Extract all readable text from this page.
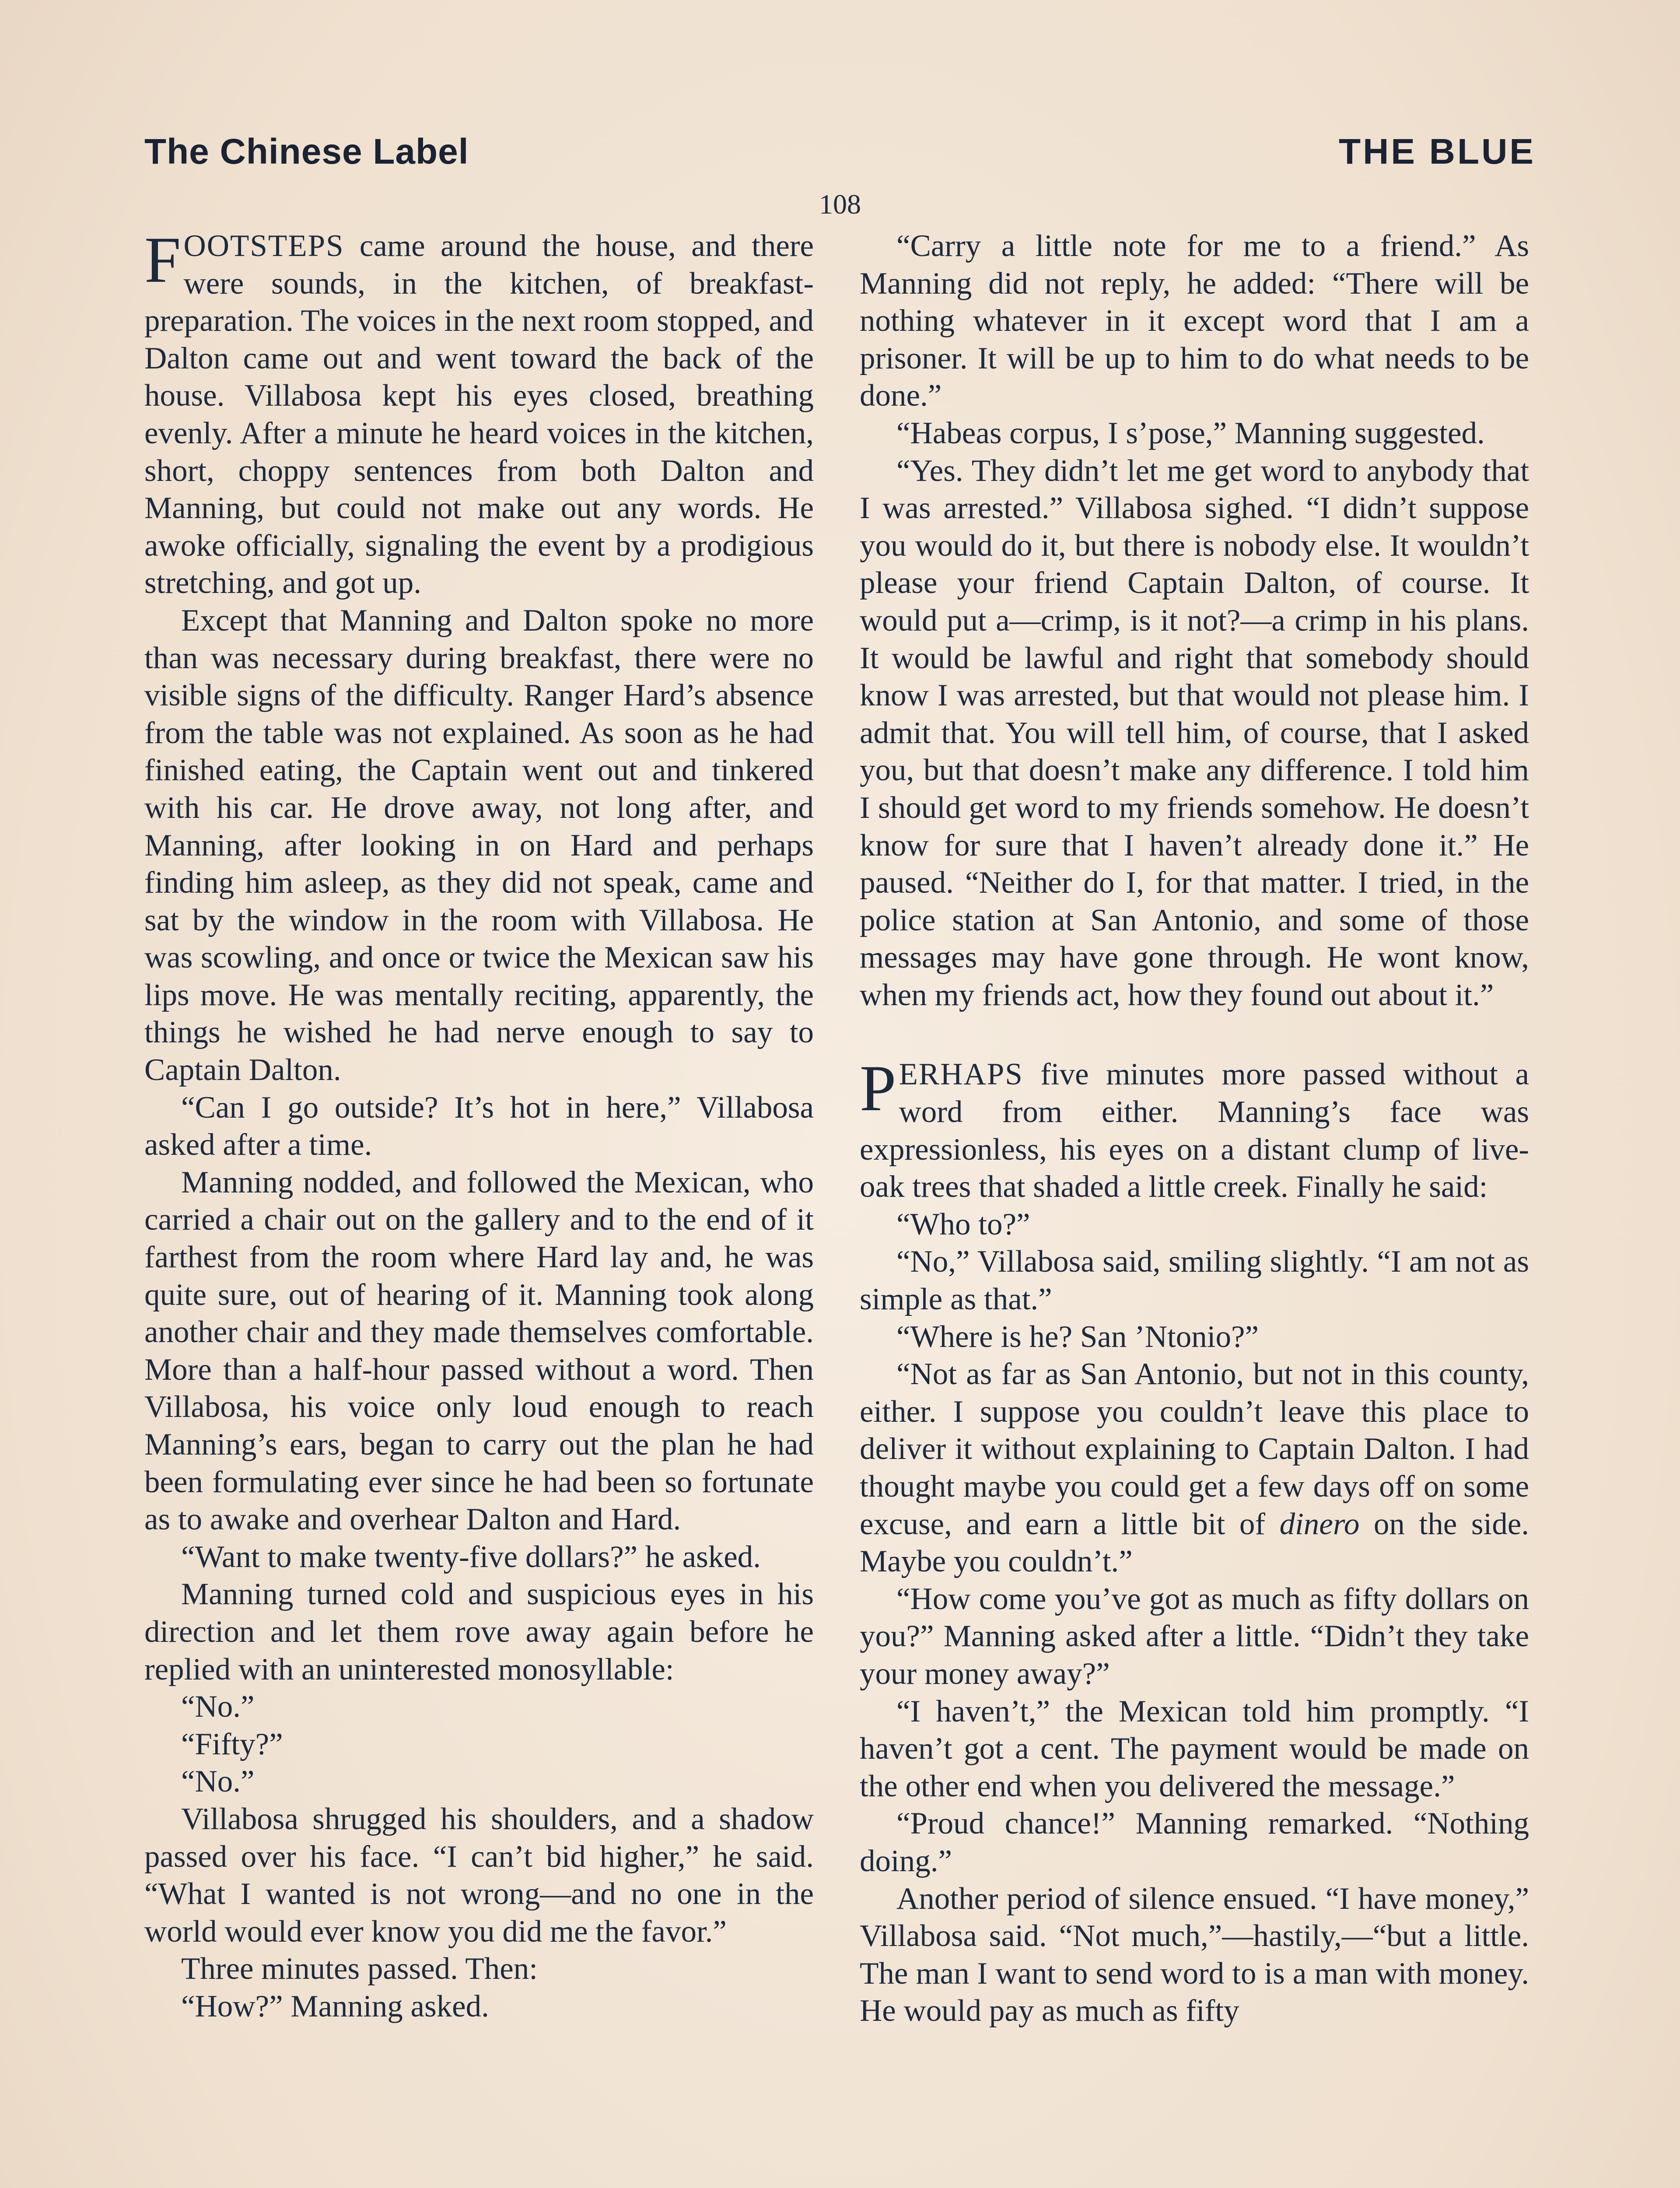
The Chinese Label	THE BLUE
108

FOOTSTEPS came around the house, and there were sounds, in the kitchen, of breakfast-preparation. The voices in the next room stopped, and Dalton came out and went toward the back of the house. Villabosa kept his eyes closed, breathing evenly. After a minute he heard voices in the kitchen, short, choppy sentences from both Dalton and Manning, but could not make out any words. He awoke officially, signaling the event by a prodigious stretching, and got up.

Except that Manning and Dalton spoke no more than was necessary during breakfast, there were no visible signs of the difficulty. Ranger Hard’s absence from the table was not explained. As soon as he had finished eating, the Captain went out and tinkered with his car. He drove away, not long after, and Manning, after looking in on Hard and perhaps finding him asleep, as they did not speak, came and sat by the window in the room with Villabosa. He was scowling, and once or twice the Mexican saw his lips move. He was mentally reciting, apparently, the things he wished he had nerve enough to say to Captain Dalton.

“Can I go outside? It’s hot in here,” Villabosa asked after a time.

Manning nodded, and followed the Mexican, who carried a chair out on the gallery and to the end of it farthest from the room where Hard lay and, he was quite sure, out of hearing of it. Manning took along another chair and they made themselves comfortable. More than a half-hour passed without a word. Then Villabosa, his voice only loud enough to reach Manning’s ears, began to carry out the plan he had been formulating ever since he had been so fortunate as to awake and overhear Dalton and Hard.

“Want to make twenty-five dollars?” he asked.

Manning turned cold and suspicious eyes in his direction and let them rove away again before he replied with an uninterested monosyllable:

“No.”

“Fifty?”

“No.”

Villabosa shrugged his shoulders, and a shadow passed over his face. “I can’t bid higher,” he said. “What I wanted is not wrong—and no one in the world would ever know you did me the favor.”

Three minutes passed. Then:

“How?” Manning asked.

“Carry a little note for me to a friend.” As Manning did not reply, he added: “There will be nothing whatever in it except word that I am a prisoner. It will be up to him to do what needs to be done.”

“Habeas corpus, I s’pose,” Manning suggested.

“Yes. They didn’t let me get word to anybody that I was arrested.” Villabosa sighed. “I didn’t suppose you would do it, but there is nobody else. It wouldn’t please your friend Captain Dalton, of course. It would put a—crimp, is it not?—a crimp in his plans. It would be lawful and right that somebody should know I was arrested, but that would not please him. I admit that. You will tell him, of course, that I asked you, but that doesn’t make any difference. I told him I should get word to my friends somehow. He doesn’t know for sure that I haven’t already done it.” He paused. “Neither do I, for that matter. I tried, in the police station at San Antonio, and some of those messages may have gone through. He wont know, when my friends act, how they found out about it.”

PERHAPS five minutes more passed without a word from either. Manning’s face was expressionless, his eyes on a distant clump of live-oak trees that shaded a little creek. Finally he said:

“Who to?”

“No,” Villabosa said, smiling slightly. “I am not as simple as that.”

“Where is he? San ’Ntonio?”

“Not as far as San Antonio, but not in this county, either. I suppose you couldn’t leave this place to deliver it without explaining to Captain Dalton. I had thought maybe you could get a few days off on some excuse, and earn a little bit of dinero on the side. Maybe you couldn’t.”

“How come you’ve got as much as fifty dollars on you?” Manning asked after a little. “Didn’t they take your money away?”

“I haven’t,” the Mexican told him promptly. “I haven’t got a cent. The payment would be made on the other end when you delivered the message.”

“Proud chance!” Manning remarked. “Nothing doing.”

Another period of silence ensued. “I have money,” Villabosa said. “Not much,”—hastily,—“but a little. The man I want to send word to is a man with money. He would pay as much as fifty
